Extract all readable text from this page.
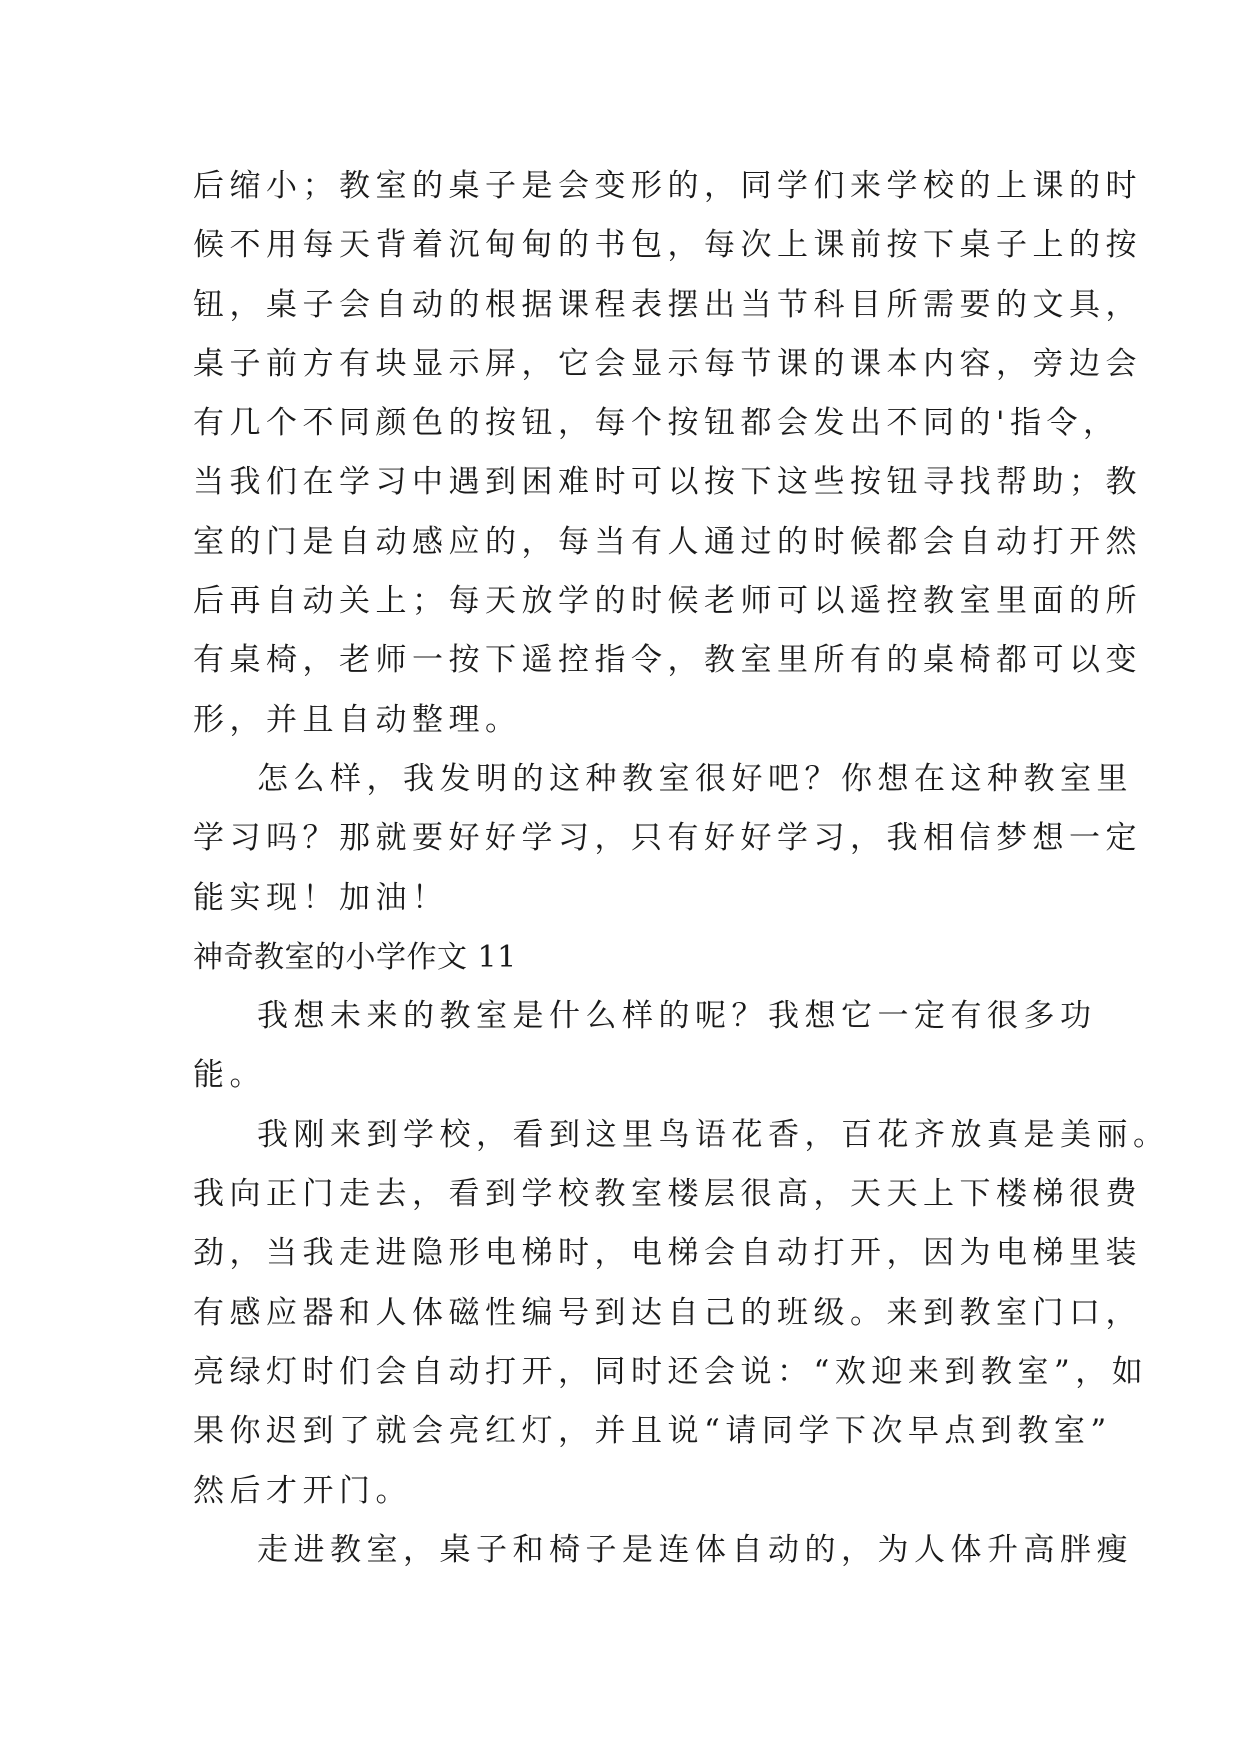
后缩小；教室的桌子是会变形的，同学们来学校的上课的时
候不用每天背着沉甸甸的书包，每次上课前按下桌子上的按
钮，桌子会自动的根据课程表摆出当节科目所需要的文具，
桌子前方有块显示屏，它会显示每节课的课本内容，旁边会
有几个不同颜色的按钮，每个按钮都会发出不同的'指令，
当我们在学习中遇到困难时可以按下这些按钮寻找帮助；教
室的门是自动感应的，每当有人通过的时候都会自动打开然
后再自动关上；每天放学的时候老师可以遥控教室里面的所
有桌椅，老师一按下遥控指令，教室里所有的桌椅都可以变
形，并且自动整理。
怎么样，我发明的这种教室很好吧？你想在这种教室里
学习吗？那就要好好学习，只有好好学习，我相信梦想一定
能实现！加油！
神奇教室的小学作文 11
我想未来的教室是什么样的呢？我想它一定有很多功
能。
我刚来到学校，看到这里鸟语花香，百花齐放真是美丽。
我向正门走去，看到学校教室楼层很高，天天上下楼梯很费
劲，当我走进隐形电梯时，电梯会自动打开，因为电梯里装
有感应器和人体磁性编号到达自己的班级。来到教室门口，
亮绿灯时们会自动打开，同时还会说：“欢迎来到教室”，如
果你迟到了就会亮红灯，并且说“请同学下次早点到教室”
然后才开门。
走进教室，桌子和椅子是连体自动的，为人体升高胖瘦
